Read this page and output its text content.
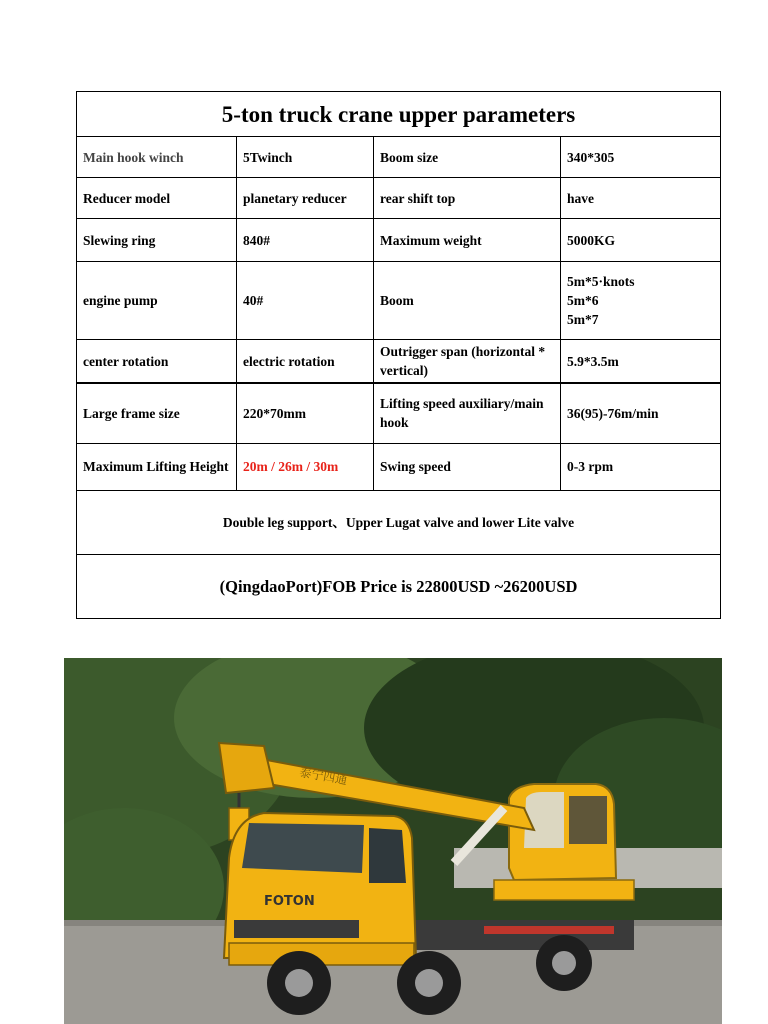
5-ton truck crane upper parameters			
Main hook winch	5Twinch	Boom size	340*305
Reducer model	planetary reducer	rear shift top	have
Slewing ring	840#	Maximum weight	5000KG
engine pump	40#	Boom	5m*5·knots
5m*6
5m*7

center rotation	electric rotation	Outrigger span (horizontal * vertical)	5.9*3.5m
Large frame size	220*70mm	Lifting speed auxiliary/main hook	36(95)-76m/min
Maximum Lifting Height	20m / 26m / 30m	Swing speed	0-3 rpm
Double leg support、Upper Lugat valve and lower Lite valve			
(QingdaoPort)FOB Price is 22800USD ~26200USD			
泰宁四通
FOTON
